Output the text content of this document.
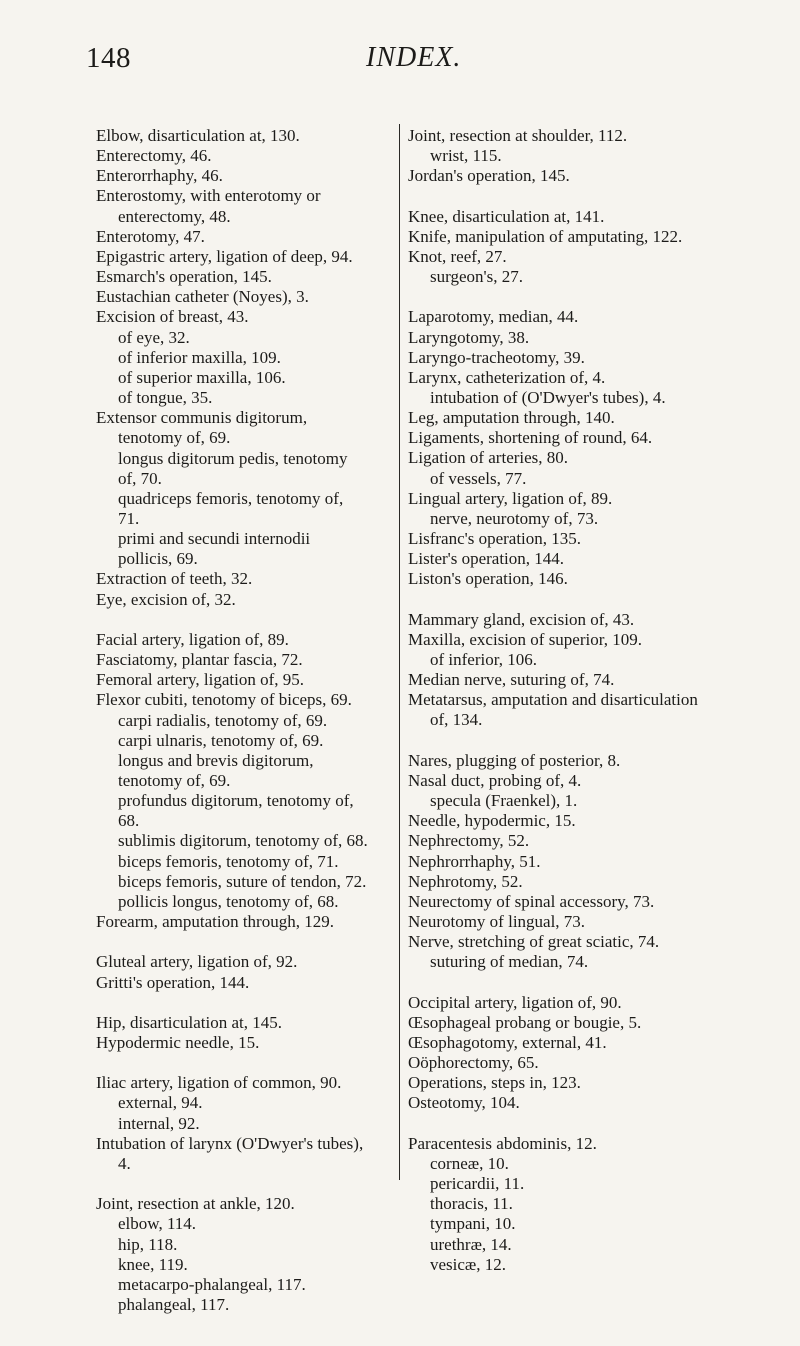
148	INDEX.
Elbow, disarticulation at, 130.
Enterectomy, 46.
Enterorrhaphy, 46.
Enterostomy, with enterotomy or enterectomy, 48.
Enterotomy, 47.
Epigastric artery, ligation of deep, 94.
Esmarch's operation, 145.
Eustachian catheter (Noyes), 3.
Excision of breast, 43.
of eye, 32.
of inferior maxilla, 109.
of superior maxilla, 106.
of tongue, 35.
Extensor communis digitorum, tenotomy of, 69.
longus digitorum pedis, tenotomy of, 70.
quadriceps femoris, tenotomy of, 71.
primi and secundi internodii pollicis, 69.
Extraction of teeth, 32.
Eye, excision of, 32.
Facial artery, ligation of, 89.
Fasciatomy, plantar fascia, 72.
Femoral artery, ligation of, 95.
Flexor cubiti, tenotomy of biceps, 69.
carpi radialis, tenotomy of, 69.
carpi ulnaris, tenotomy of, 69.
longus and brevis digitorum, tenotomy of, 69.
profundus digitorum, tenotomy of, 68.
sublimis digitorum, tenotomy of, 68.
biceps femoris, tenotomy of, 71.
biceps femoris, suture of tendon, 72.
pollicis longus, tenotomy of, 68.
Forearm, amputation through, 129.
Gluteal artery, ligation of, 92.
Gritti's operation, 144.
Hip, disarticulation at, 145.
Hypodermic needle, 15.
Iliac artery, ligation of common, 90.
external, 94.
internal, 92.
Intubation of larynx (O'Dwyer's tubes), 4.
Joint, resection at ankle, 120.
elbow, 114.
hip, 118.
knee, 119.
metacarpo-phalangeal, 117.
phalangeal, 117.
Joint, resection at shoulder, 112.
wrist, 115.
Jordan's operation, 145.
Knee, disarticulation at, 141.
Knife, manipulation of amputating, 122.
Knot, reef, 27.
surgeon's, 27.
Laparotomy, median, 44.
Laryngotomy, 38.
Laryngo-tracheotomy, 39.
Larynx, catheterization of, 4.
intubation of (O'Dwyer's tubes), 4.
Leg, amputation through, 140.
Ligaments, shortening of round, 64.
Ligation of arteries, 80.
of vessels, 77.
Lingual artery, ligation of, 89.
nerve, neurotomy of, 73.
Lisfranc's operation, 135.
Lister's operation, 144.
Liston's operation, 146.
Mammary gland, excision of, 43.
Maxilla, excision of superior, 109.
of inferior, 106.
Median nerve, suturing of, 74.
Metatarsus, amputation and disarticulation of, 134.
Nares, plugging of posterior, 8.
Nasal duct, probing of, 4.
specula (Fraenkel), 1.
Needle, hypodermic, 15.
Nephrectomy, 52.
Nephrorrhaphy, 51.
Nephrotomy, 52.
Neurectomy of spinal accessory, 73.
Neurotomy of lingual, 73.
Nerve, stretching of great sciatic, 74.
suturing of median, 74.
Occipital artery, ligation of, 90.
Œsophageal probang or bougie, 5.
Œsophagotomy, external, 41.
Oöphorectomy, 65.
Operations, steps in, 123.
Osteotomy, 104.
Paracentesis abdominis, 12.
corneæ, 10.
pericardii, 11.
thoracis, 11.
tympani, 10.
urethræ, 14.
vesicæ, 12.
